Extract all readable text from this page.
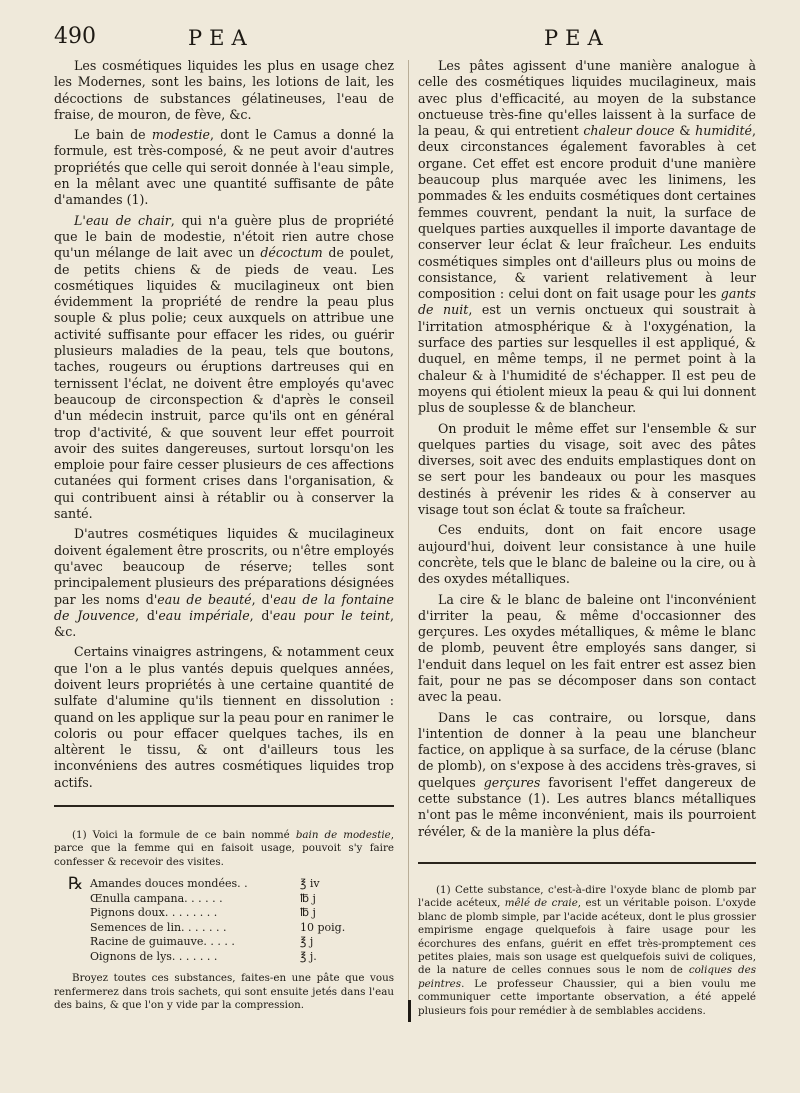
490	PEA	PEA

Les cosmétiques liquides les plus en usage chez les Modernes, sont les bains, les lotions de lait, les décoctions de substances gélatineuses, l'eau de fraise, de mouron, de fève, &c.

Le bain de modestie, dont le Camus a donné la formule, est très-composé, & ne peut avoir d'autres propriétés que celle qui seroit donnée à l'eau simple, en la mêlant avec une quantité suffisante de pâte d'amandes (1).

L'eau de chair, qui n'a guère plus de propriété que le bain de modestie, n'étoit rien autre chose qu'un mélange de lait avec un décoctum de poulet, de petits chiens & de pieds de veau. Les cosmétiques liquides & mucilagineux ont bien évidemment la propriété de rendre la peau plus souple & plus polie; ceux auxquels on attribue une activité suffisante pour effacer les rides, ou guérir plusieurs maladies de la peau, tels que boutons, taches, rougeurs ou éruptions dartreuses qui en ternissent l'éclat, ne doivent être employés qu'avec beaucoup de circonspection & d'après le conseil d'un médecin instruit, parce qu'ils ont en général trop d'activité, & que souvent leur effet pourroit avoir des suites dangereuses, surtout lorsqu'on les emploie pour faire cesser plusieurs de ces affections cutanées qui forment crises dans l'organisation, & qui contribuent ainsi à rétablir ou à conserver la santé.

D'autres cosmétiques liquides & mucilagineux doivent également être proscrits, ou n'être employés qu'avec beaucoup de réserve; telles sont principalement plusieurs des préparations désignées par les noms d'eau de beauté, d'eau de la fontaine de Jouvence, d'eau impériale, d'eau pour le teint, &c.

Certains vinaigres astringens, & notamment ceux que l'on a le plus vantés depuis quelques années, doivent leurs propriétés à une certaine quantité de sulfate d'alumine qu'ils tiennent en dissolution : quand on les applique sur la peau pour en ranimer le coloris ou pour effacer quelques taches, ils en altèrent le tissu, & ont d'ailleurs tous les inconvéniens des autres cosmétiques liquides trop actifs.

(1) Voici la formule de ce bain nommé bain de modestie, parce que la femme qui en faisoit usage, pouvoit s'y faire confesser & recevoir des visites.

℞ Amandes douces mondées. .	℥ iv
Œnulla campana. . . . . .	℔ j
Pignons doux. . . . . . . .	℔ j
Semences de lin. . . . . . .	10 poig.
Racine de guimauve. . . . .	℥ j
Oignons de lys. . . . . . .	℥ j.

Broyez toutes ces substances, faites-en une pâte que vous renfermerez dans trois sachets, qui sont ensuite jetés dans l'eau des bains, & que l'on y vide par la compression.

Les pâtes agissent d'une manière analogue à celle des cosmétiques liquides mucilagineux, mais avec plus d'efficacité, au moyen de la substance onctueuse très-fine qu'elles laissent à la surface de la peau, & qui entretient chaleur douce & humidité, deux circonstances également favorables à cet organe. Cet effet est encore produit d'une manière beaucoup plus marquée avec les linimens, les pommades & les enduits cosmétiques dont certaines femmes couvrent, pendant la nuit, la surface de quelques parties auxquelles il importe davantage de conserver leur éclat & leur fraîcheur. Les enduits cosmétiques simples ont d'ailleurs plus ou moins de consistance, & varient relativement à leur composition : celui dont on fait usage pour les gants de nuit, est un vernis onctueux qui soustrait à l'irritation atmosphérique & à l'oxygénation, la surface des parties sur lesquelles il est appliqué, & duquel, en même temps, il ne permet point à la chaleur & à l'humidité de s'échapper. Il est peu de moyens qui étiolent mieux la peau & qui lui donnent plus de souplesse & de blancheur.

On produit le même effet sur l'ensemble & sur quelques parties du visage, soit avec des pâtes diverses, soit avec des enduits emplastiques dont on se sert pour les bandeaux ou pour les masques destinés à prévenir les rides & à conserver au visage tout son éclat & toute sa fraîcheur.

Ces enduits, dont on fait encore usage aujourd'hui, doivent leur consistance à une huile concrète, tels que le blanc de baleine ou la cire, ou à des oxydes métalliques.

La cire & le blanc de baleine ont l'inconvénient d'irriter la peau, & même d'occasionner des gerçures. Les oxydes métalliques, & même le blanc de plomb, peuvent être employés sans danger, si l'enduit dans lequel on les fait entrer est assez bien fait, pour ne pas se décomposer dans son contact avec la peau.

Dans le cas contraire, ou lorsque, dans l'intention de donner à la peau une blancheur factice, on applique à sa surface, de la céruse (blanc de plomb), on s'expose à des accidens très-graves, si quelques gerçures favorisent l'effet dangereux de cette substance (1). Les autres blancs métalliques n'ont pas le même inconvénient, mais ils pourroient révéler, & de la manière la plus défa-

(1) Cette substance, c'est-à-dire l'oxyde blanc de plomb par l'acide acéteux, mêlé de craie, est un véritable poison. L'oxyde blanc de plomb simple, par l'acide acéteux, dont le plus grossier empirisme engage quelquefois à faire usage pour les écorchures des enfans, guérit en effet très-promptement ces petites plaies, mais son usage est quelquefois suivi de coliques, de la nature de celles connues sous le nom de coliques des peintres. Le professeur Chaussier, qui a bien voulu me communiquer cette importante observation, a été appelé plusieurs fois pour remédier à de semblables accidens.
